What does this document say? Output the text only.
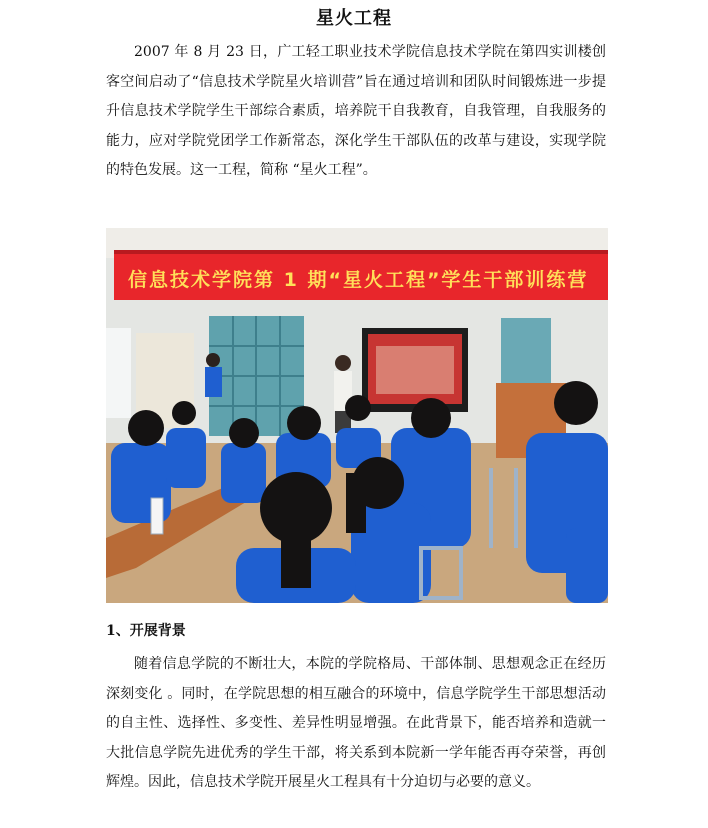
星火工程

2007 年 8 月 23 日，广工轻工职业技术学院信息技术学院在第四实训楼创客空间启动了“信息技术学院星火培训营”旨在通过培训和团队时间锻炼进一步提升信息技术学院学生干部综合素质，培养院干自我教育，自我管理，自我服务的能力，应对学院党团学工作新常态，深化学生干部队伍的改革与建设，实现学院的特色发展。这一工程，简称 “星火工程”。

信息技术学院第 1 期“星火工程”学生干部训练营

1、开展背景

随着信息学院的不断壮大，本院的学院格局、干部体制、思想观念正在经历深刻变化 。同时，在学院思想的相互融合的环境中，信息学院学生干部思想活动的自主性、选择性、多变性、差异性明显增强。在此背景下，能否培养和造就一大批信息学院先进优秀的学生干部，将关系到本院新一学年能否再夺荣誉，再创辉煌。因此，信息技术学院开展星火工程具有十分迫切与必要的意义。
